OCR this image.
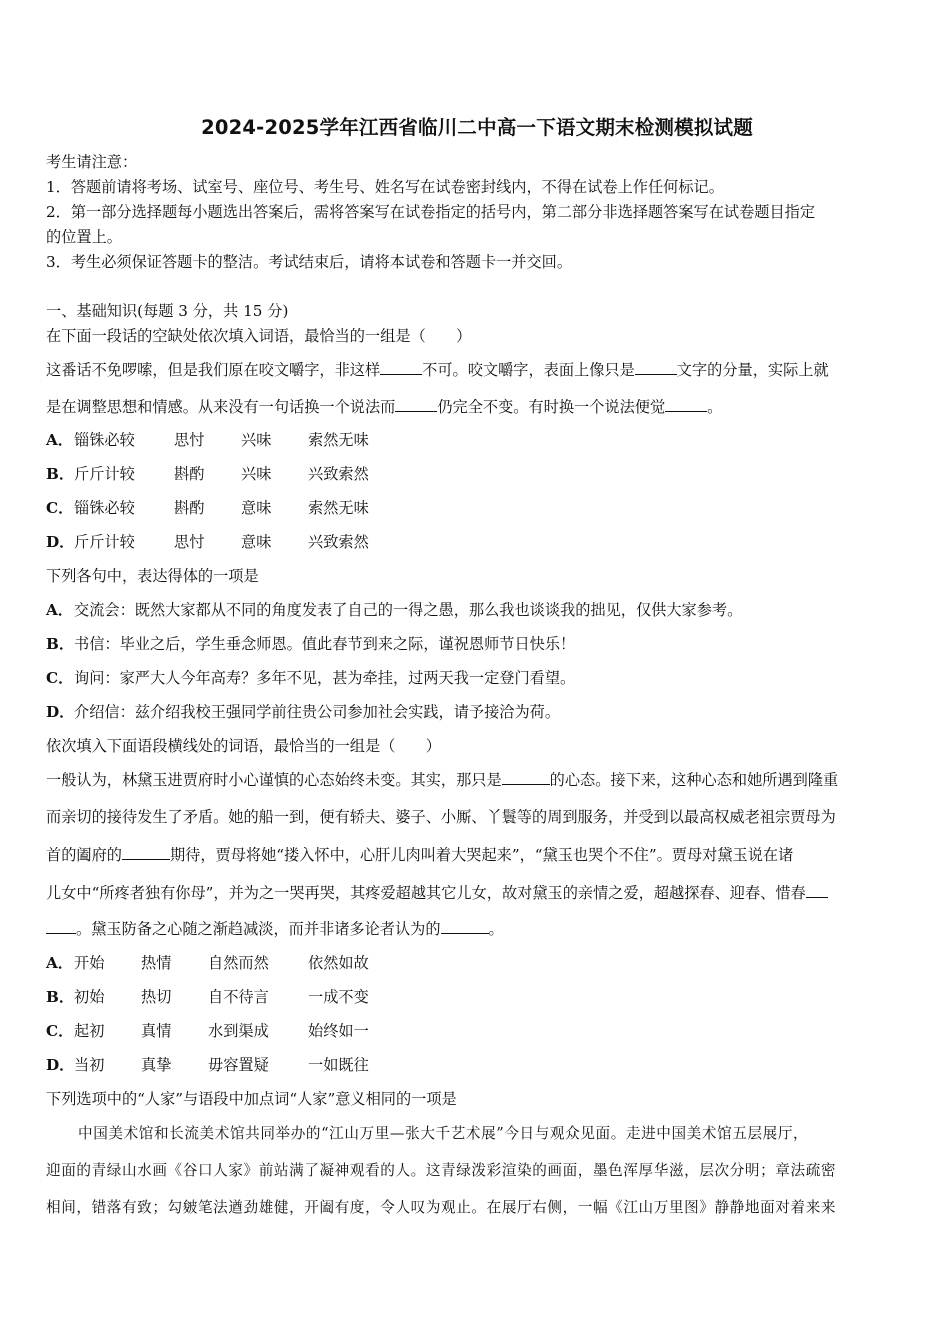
2024-2025学年江西省临川二中高一下语文期末检测模拟试题
考生请注意：
1．答题前请将考场、试室号、座位号、考生号、姓名写在试卷密封线内，不得在试卷上作任何标记。
2．第一部分选择题每小题选出答案后，需将答案写在试卷指定的括号内，第二部分非选择题答案写在试卷题目指定
的位置上。
3．考生必须保证答题卡的整洁。考试结束后，请将本试卷和答题卡一并交回。
一、基础知识(每题 3 分，共 15 分)
在下面一段话的空缺处依次填入词语，最恰当的一组是（　　）
这番话不免啰嗦，但是我们原在咬文嚼字，非这样	不可。咬文嚼字，表面上像只是	文字的分量，实际上就
是在调整思想和情感。从来没有一句话换一个说法而	仍完全不变。有时换一个说法便觉	。
A．锱铢必较	思忖 兴味 索然无味
B．斤斤计较	斟酌 兴味 兴致索然
C．锱铢必较	斟酌 意味 索然无味
D．斤斤计较	思忖 意味 兴致索然
下列各句中，表达得体的一项是
A．交流会：既然大家都从不同的角度发表了自己的一得之愚，那么我也谈谈我的拙见，仅供大家参考。
B．书信：毕业之后，学生垂念师恩。值此春节到来之际，谨祝恩师节日快乐！
C．询问：家严大人今年高寿？多年不见，甚为牵挂，过两天我一定登门看望。
D．介绍信：兹介绍我校王强同学前往贵公司参加社会实践，请予接洽为荷。
依次填入下面语段横线处的词语，最恰当的一组是（　　）
一般认为，林黛玉进贾府时小心谨慎的心态始终未变。其实，那只是	的心态。接下来，这种心态和她所遇到隆重
而亲切的接待发生了矛盾。她的船一到，便有轿夫、婆子、小厮、丫鬟等的周到服务，并受到以最高权威老祖宗贾母为
首的阖府的	期待，贾母将她“搂入怀中，心肝儿肉叫着大哭起来”，“黛玉也哭个不住”。贾母对黛玉说在诸
儿女中“所疼者独有你母”，并为之一哭再哭，其疼爱超越其它儿女，故对黛玉的亲情之爱，超越探春、迎春、惜春
。黛玉防备之心随之渐趋减淡，而并非诸多论者认为的	。
A．开始 热情 自然而然	依然如故
B．初始 热切 自不待言	一成不变
C．起初 真情 水到渠成	始终如一
D．当初 真挚 毋容置疑	一如既往
下列选项中的“人家”与语段中加点词“人家”意义相同的一项是
中国美术馆和长流美术馆共同举办的“江山万里—张大千艺术展”今日与观众见面。走进中国美术馆五层展厅，
迎面的青绿山水画《谷口人家》前站满了凝神观看的人。这青绿泼彩渲染的画面，墨色浑厚华滋，层次分明；章法疏密
相间，错落有致；勾皴笔法遒劲雄健，开阖有度，令人叹为观止。在展厅右侧，一幅《江山万里图》静静地面对着来来
